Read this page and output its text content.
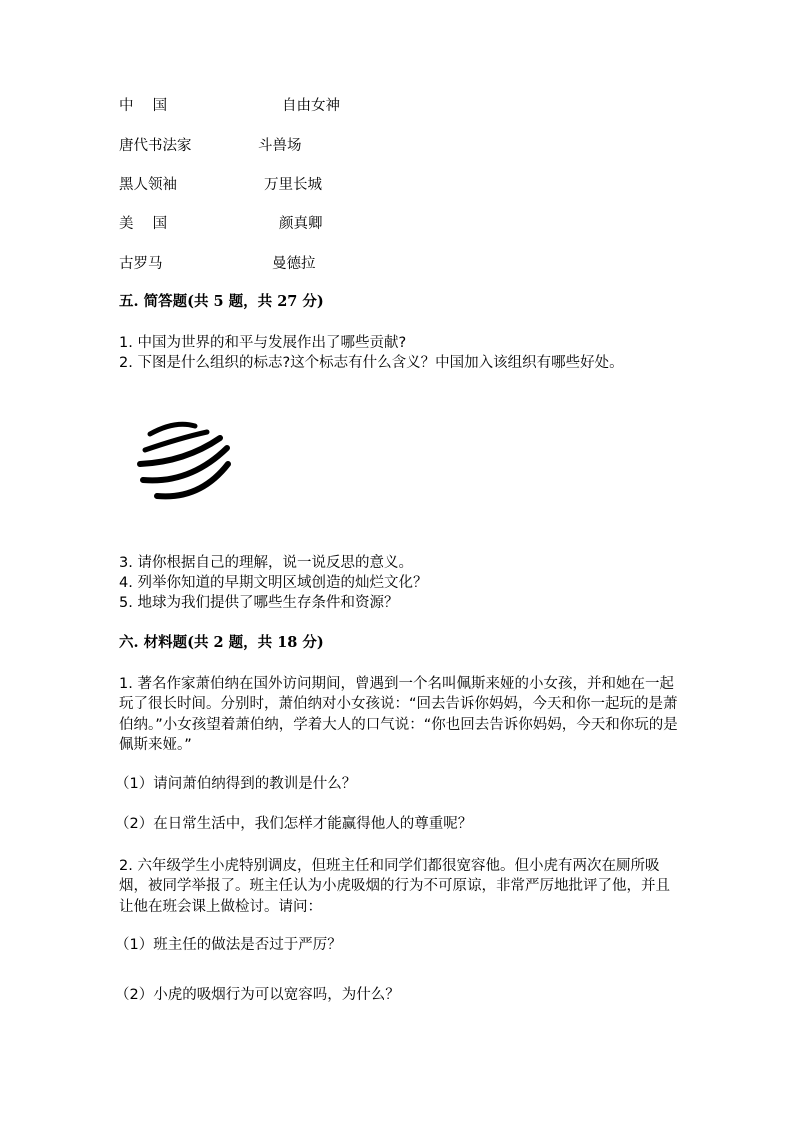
中　 国	自由女神
唐代书法家	斗兽场
黑人领袖	万里长城
美　 国	颜真卿
古罗马	曼德拉
五. 简答题(共 5 题，共 27 分)
1. 中国为世界的和平与发展作出了哪些贡献?
2. 下图是什么组织的标志?这个标志有什么含义？中国加入该组织有哪些好处。
3. 请你根据自己的理解，说一说反思的意义。
4. 列举你知道的早期文明区域创造的灿烂文化？
5. 地球为我们提供了哪些生存条件和资源？
六. 材料题(共 2 题，共 18 分)
1. 著名作家萧伯纳在国外访问期间，曾遇到一个名叫佩斯来娅的小女孩，并和她在一起玩了很长时间。分别时，萧伯纳对小女孩说：“回去告诉你妈妈，今天和你一起玩的是萧伯纳。”小女孩望着萧伯纳，学着大人的口气说：“你也回去告诉你妈妈，今天和你玩的是佩斯来娅。”
（1）请问萧伯纳得到的教训是什么？
（2）在日常生活中，我们怎样才能赢得他人的尊重呢？
2. 六年级学生小虎特别调皮，但班主任和同学们都很宽容他。但小虎有两次在厕所吸烟，被同学举报了。班主任认为小虎吸烟的行为不可原谅，非常严厉地批评了他，并且让他在班会课上做检讨。请问：
（1）班主任的做法是否过于严厉？
（2）小虎的吸烟行为可以宽容吗，为什么？
